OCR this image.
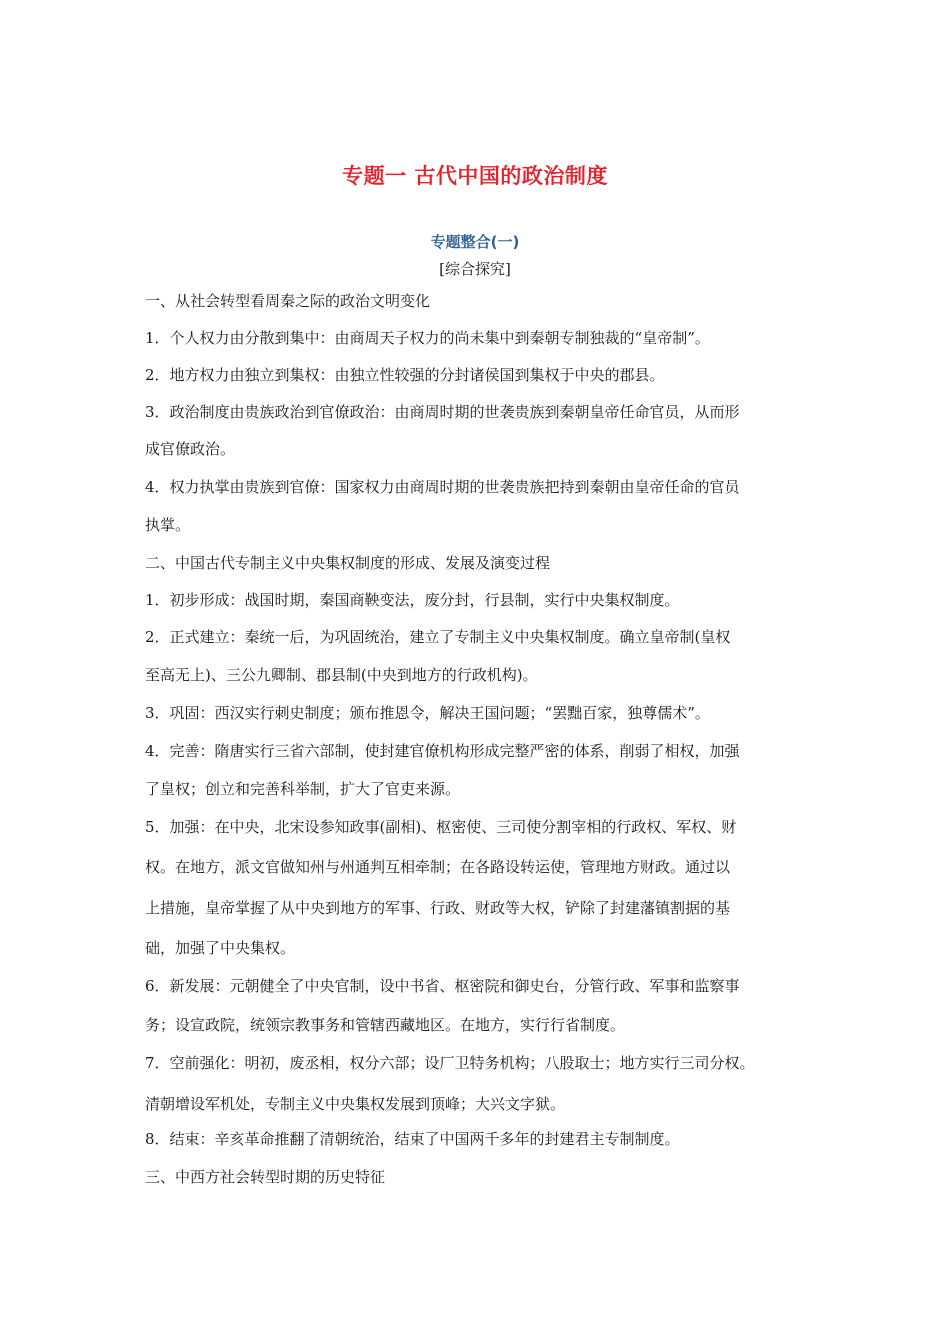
专题一 古代中国的政治制度
专题整合(一)
[综合探究]
一、从社会转型看周秦之际的政治文明变化
1．个人权力由分散到集中：由商周天子权力的尚未集中到秦朝专制独裁的“皇帝制”。
2．地方权力由独立到集权：由独立性较强的分封诸侯国到集权于中央的郡县。
3．政治制度由贵族政治到官僚政治：由商周时期的世袭贵族到秦朝皇帝任命官员，从而形
成官僚政治。
4．权力执掌由贵族到官僚：国家权力由商周时期的世袭贵族把持到秦朝由皇帝任命的官员
执掌。
二、中国古代专制主义中央集权制度的形成、发展及演变过程
1．初步形成：战国时期，秦国商鞅变法，废分封，行县制，实行中央集权制度。
2．正式建立：秦统一后，为巩固统治，建立了专制主义中央集权制度。确立皇帝制(皇权
至高无上)、三公九卿制、郡县制(中央到地方的行政机构)。
3．巩固：西汉实行刺史制度；颁布推恩令，解决王国问题；“罢黜百家，独尊儒术”。
4．完善：隋唐实行三省六部制，使封建官僚机构形成完整严密的体系，削弱了相权，加强
了皇权；创立和完善科举制，扩大了官吏来源。
5．加强：在中央，北宋设参知政事(副相)、枢密使、三司使分割宰相的行政权、军权、财
权。在地方，派文官做知州与州通判互相牵制；在各路设转运使，管理地方财政。通过以
上措施，皇帝掌握了从中央到地方的军事、行政、财政等大权，铲除了封建藩镇割据的基
础，加强了中央集权。
6．新发展：元朝健全了中央官制，设中书省、枢密院和御史台，分管行政、军事和监察事
务；设宣政院，统领宗教事务和管辖西藏地区。在地方，实行行省制度。
7．空前强化：明初，废丞相，权分六部；设厂卫特务机构；八股取士；地方实行三司分权。
清朝增设军机处，专制主义中央集权发展到顶峰；大兴文字狱。
8．结束：辛亥革命推翻了清朝统治，结束了中国两千多年的封建君主专制制度。
三、中西方社会转型时期的历史特征
